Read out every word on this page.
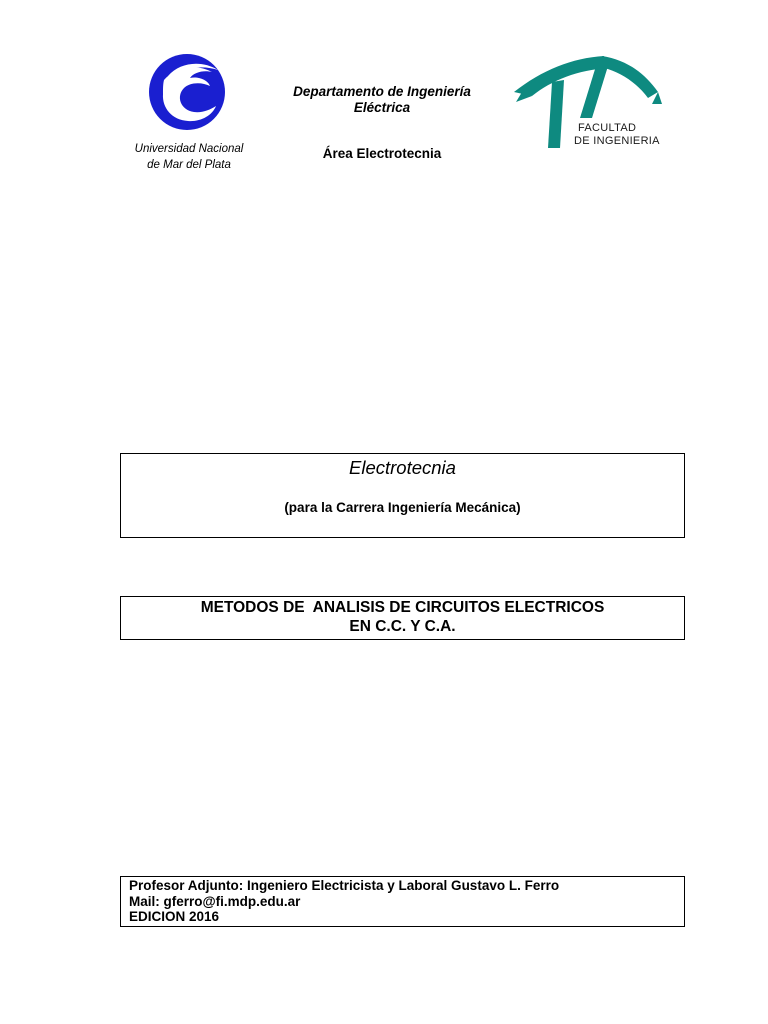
Universidad Nacional
de Mar del Plata
Departamento de Ingeniería
Eléctrica
Área Electrotecnia
FACULTAD
DE INGENIERIA
Electrotecnia
(para la Carrera Ingeniería Mecánica)
METODOS DE  ANALISIS DE CIRCUITOS ELECTRICOS
EN C.C. Y C.A.
Profesor Adjunto: Ingeniero Electricista y Laboral Gustavo L. Ferro
Mail: gferro@fi.mdp.edu.ar
EDICION 2016
